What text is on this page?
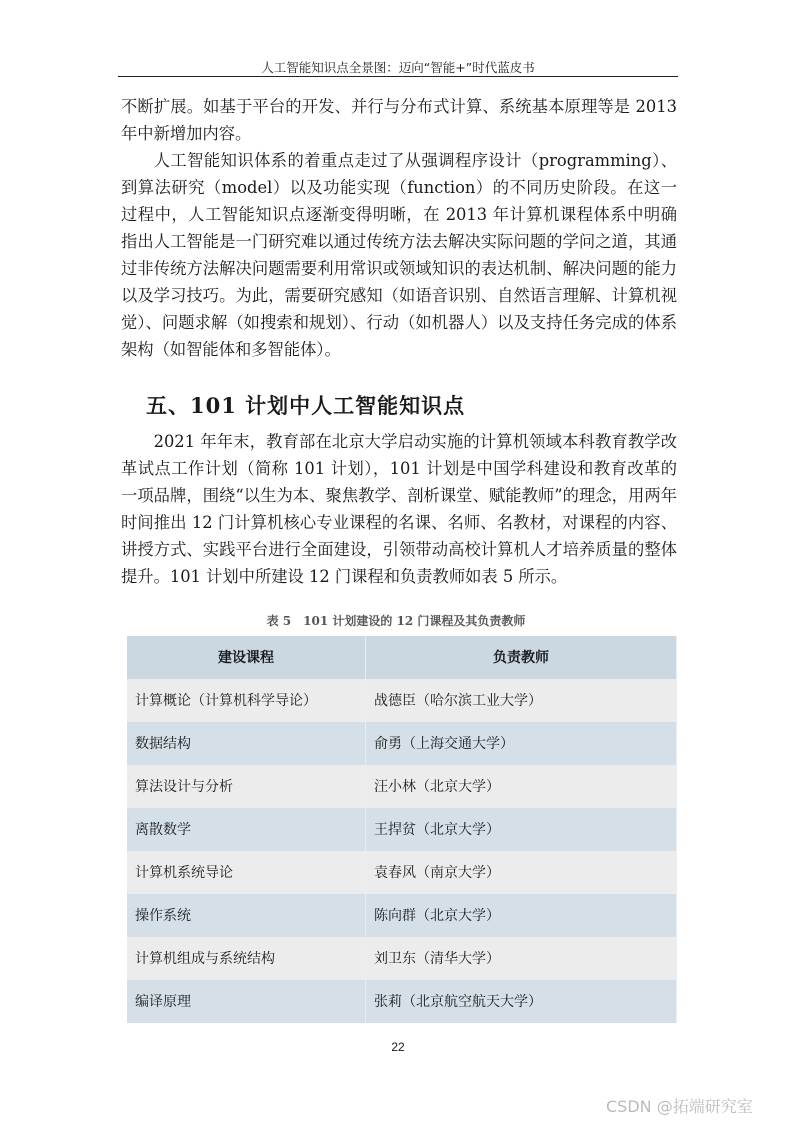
人工智能知识点全景图：迈向“智能+”时代蓝皮书

不断扩展。如基于平台的开发、并行与分布式计算、系统基本原理等是 2013 年中新增加内容。

人工智能知识体系的着重点走过了从强调程序设计（programming）、到算法研究（model）以及功能实现（function）的不同历史阶段。在这一过程中，人工智能知识点逐渐变得明晰，在 2013 年计算机课程体系中明确指出人工智能是一门研究难以通过传统方法去解决实际问题的学问之道，其通过非传统方法解决问题需要利用常识或领域知识的表达机制、解决问题的能力以及学习技巧。为此，需要研究感知（如语音识别、自然语言理解、计算机视觉）、问题求解（如搜索和规划）、行动（如机器人）以及支持任务完成的体系架构（如智能体和多智能体）。

五、101 计划中人工智能知识点

2021 年年末，教育部在北京大学启动实施的计算机领域本科教育教学改革试点工作计划（简称 101 计划），101 计划是中国学科建设和教育改革的一项品牌，围绕“以生为本、聚焦教学、剖析课堂、赋能教师”的理念，用两年时间推出 12 门计算机核心专业课程的名课、名师、名教材，对课程的内容、讲授方式、实践平台进行全面建设，引领带动高校计算机人才培养质量的整体提升。101 计划中所建设 12 门课程和负责教师如表 5 所示。

表 5　101 计划建设的 12 门课程及其负责教师
建设课程	负责教师
计算概论（计算机科学导论）	战德臣（哈尔滨工业大学）
数据结构	俞勇（上海交通大学）
算法设计与分析	汪小林（北京大学）
离散数学	王捍贫（北京大学）
计算机系统导论	袁春风（南京大学）
操作系统	陈向群（北京大学）
计算机组成与系统结构	刘卫东（清华大学）
编译原理	张莉（北京航空航天大学）
22
CSDN @拓端研究室
